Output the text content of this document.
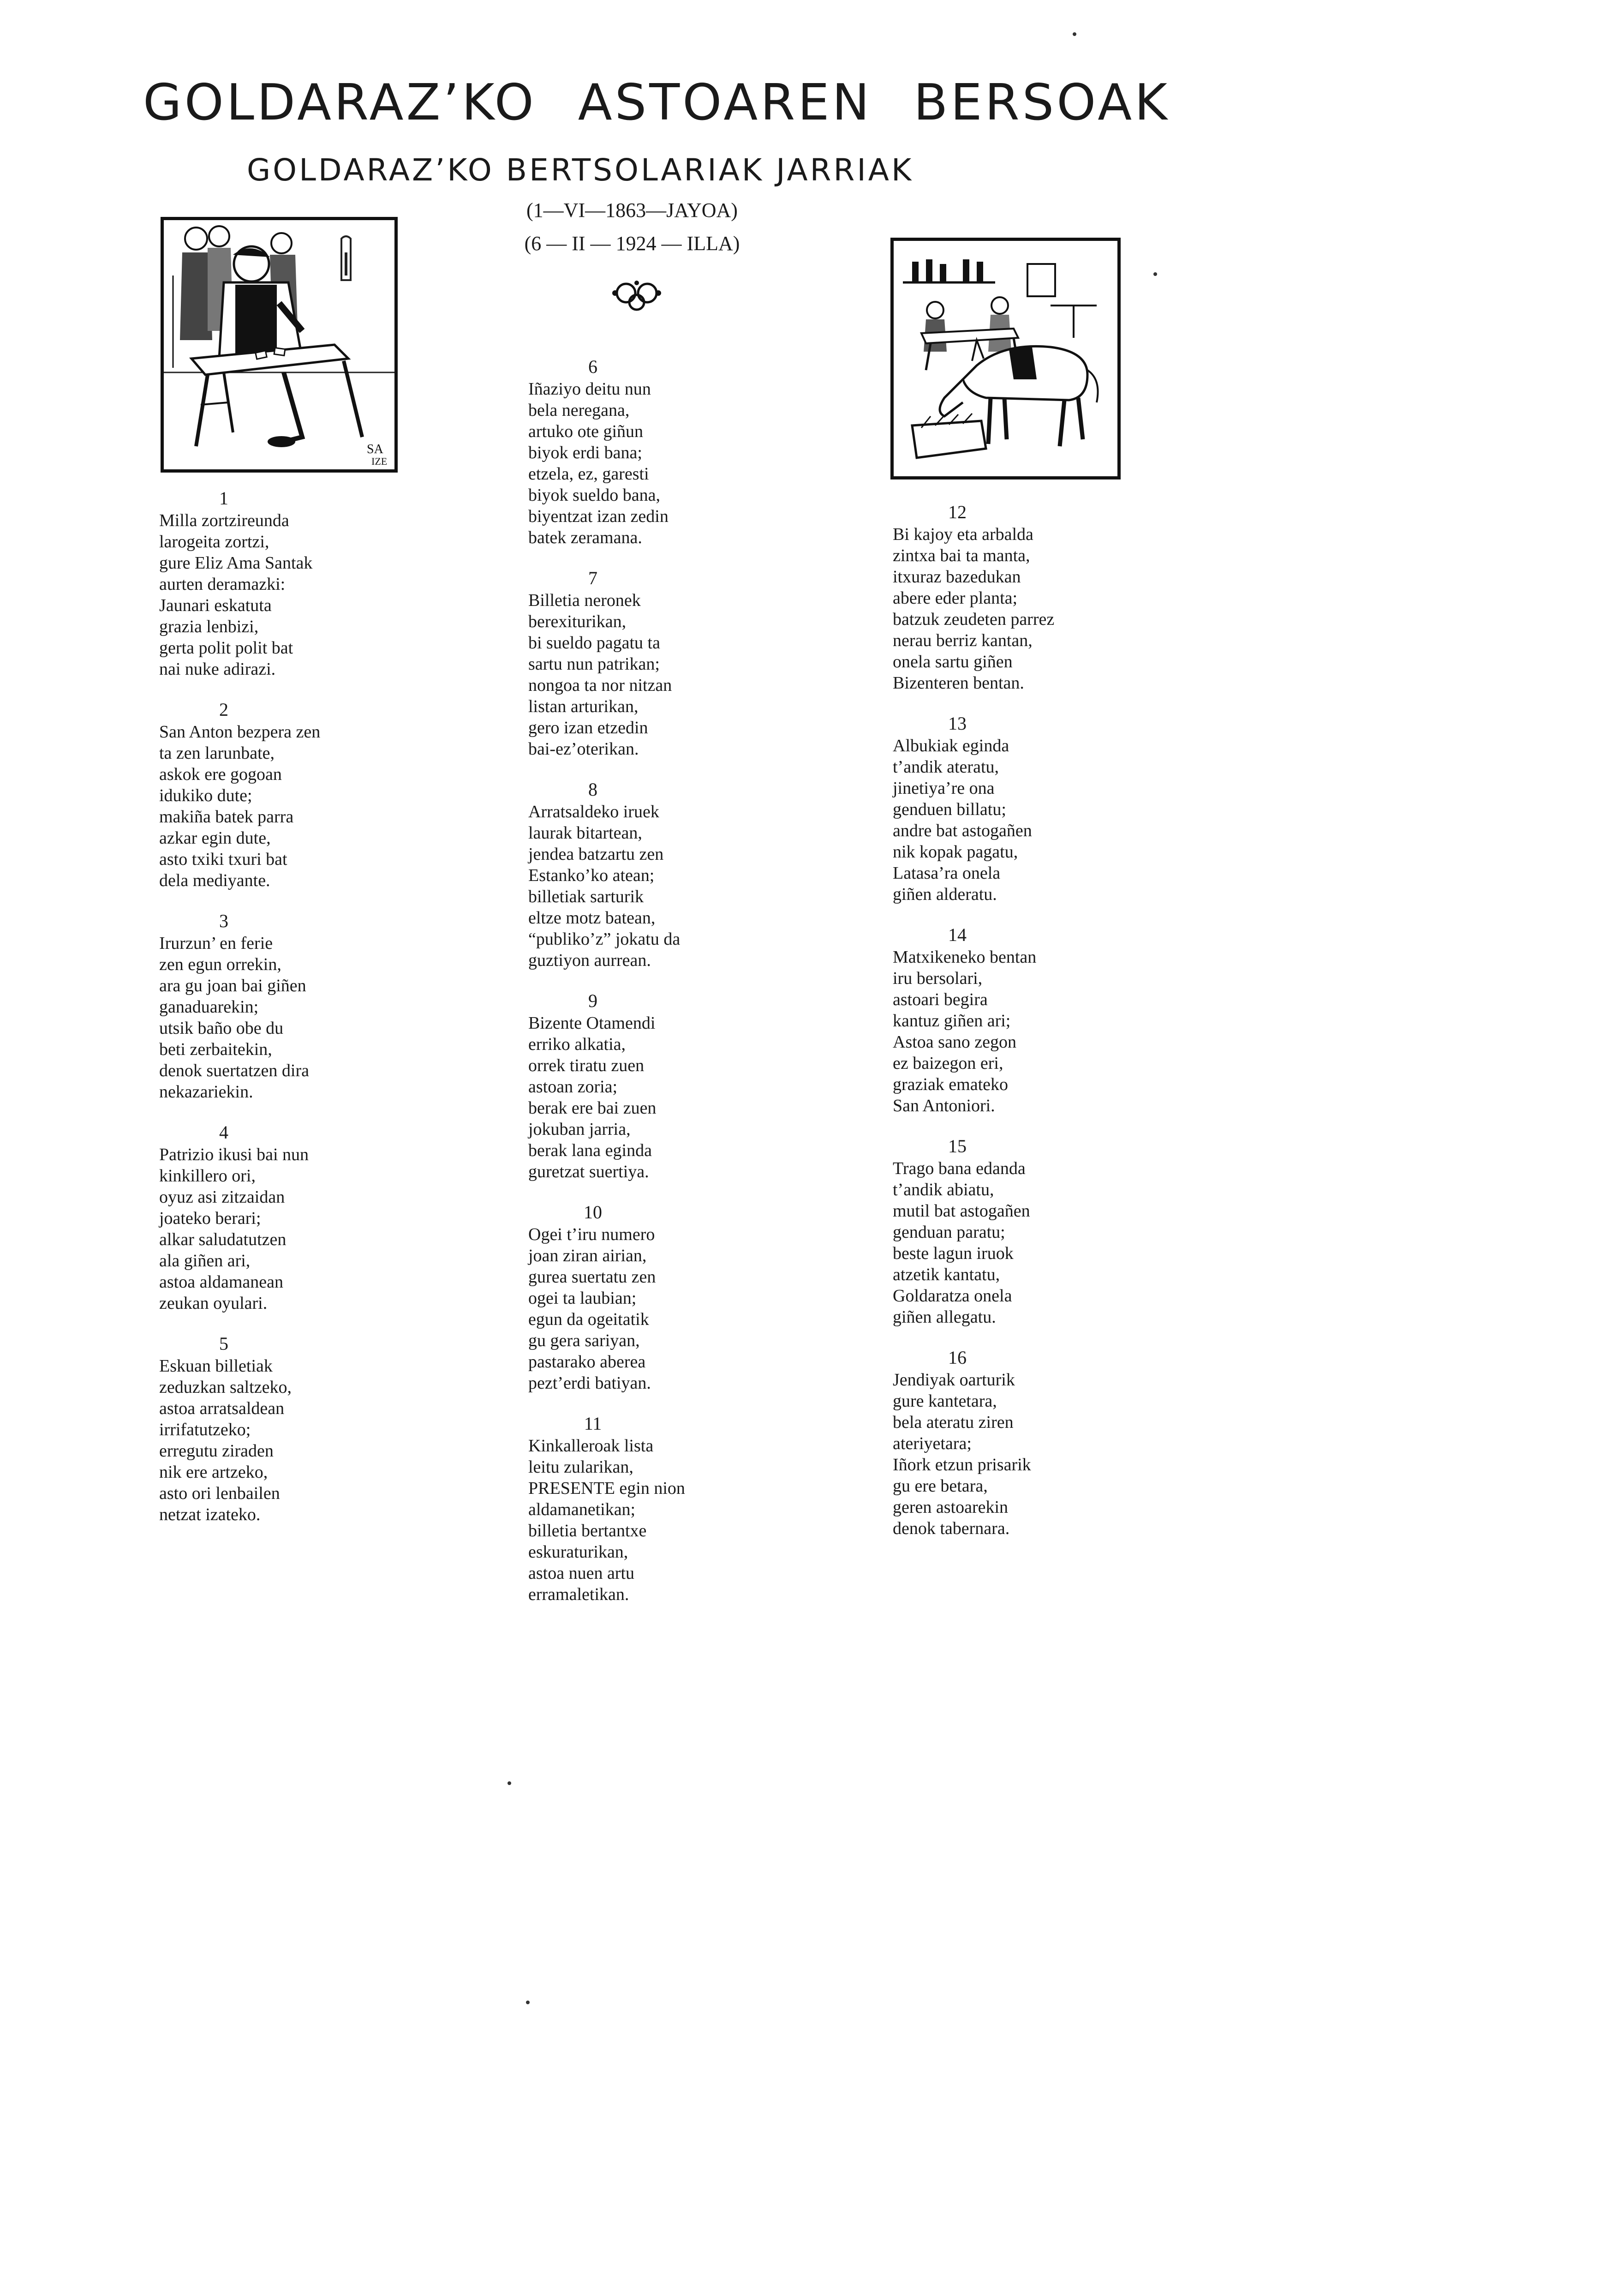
GOLDARAZ’KO ASTOAREN BERSOAK
GOLDARAZ’KO BERTSOLARIAK JARRIAK
(1—VI—1863—JAYOA)
(6 — II — 1924 — ILLA)
SA
IZE
1

Milla zortzireunda

larogeita zortzi,

gure Eliz Ama Santak

aurten deramazki:

Jaunari eskatuta

grazia lenbizi,

gerta polit polit bat

nai nuke adirazi.

2

San Anton bezpera zen

ta zen larunbate,

askok ere gogoan

idukiko dute;

makiña batek parra

azkar egin dute,

asto txiki txuri bat

dela mediyante.

3

Irurzun’ en ferie

zen egun orrekin,

ara gu joan bai giñen

ganaduarekin;

utsik baño obe du

beti zerbaitekin,

denok suertatzen dira

nekazariekin.

4

Patrizio ikusi bai nun

kinkillero ori,

oyuz asi zitzaidan

joateko berari;

alkar saludatutzen

ala giñen ari,

astoa aldamanean

zeukan oyulari.

5

Eskuan billetiak

zeduzkan saltzeko,

astoa arratsaldean

irrifatutzeko;

erregutu ziraden

nik ere artzeko,

asto ori lenbailen

netzat izateko.

6

Iñaziyo deitu nun

bela neregana,

artuko ote giñun

biyok erdi bana;

etzela, ez, garesti

biyok sueldo bana,

biyentzat izan zedin

batek zeramana.

7

Billetia neronek

berexiturikan,

bi sueldo pagatu ta

sartu nun patrikan;

nongoa ta nor nitzan

listan arturikan,

gero izan etzedin

bai-ez’oterikan.

8

Arratsaldeko iruek

laurak bitartean,

jendea batzartu zen

Estanko’ko atean;

billetiak sarturik

eltze motz batean,

“publiko’z” jokatu da

guztiyon aurrean.

9

Bizente Otamendi

erriko alkatia,

orrek tiratu zuen

astoan zoria;

berak ere bai zuen

jokuban jarria,

berak lana eginda

guretzat suertiya.

10

Ogei t’iru numero

joan ziran airian,

gurea suertatu zen

ogei ta laubian;

egun da ogeitatik

gu gera sariyan,

pastarako aberea

pezt’erdi batiyan.

11

Kinkalleroak lista

leitu zularikan,

PRESENTE egin nion

aldamanetikan;

billetia bertantxe

eskuraturikan,

astoa nuen artu

erramaletikan.

12

Bi kajoy eta arbalda

zintxa bai ta manta,

itxuraz bazedukan

abere eder planta;

batzuk zeudeten parrez

nerau berriz kantan,

onela sartu giñen

Bizenteren bentan.

13

Albukiak eginda

t’andik ateratu,

jinetiya’re ona

genduen billatu;

andre bat astogañen

nik kopak pagatu,

Latasa’ra onela

giñen alderatu.

14

Matxikeneko bentan

iru bersolari,

astoari begira

kantuz giñen ari;

Astoa sano zegon

ez baizegon eri,

graziak emateko

San Antoniori.

15

Trago bana edanda

t’andik abiatu,

mutil bat astogañen

genduan paratu;

beste lagun iruok

atzetik kantatu,

Goldaratza onela

giñen allegatu.

16

Jendiyak oarturik

gure kantetara,

bela ateratu ziren

ateriyetara;

Iñork etzun prisarik

gu ere betara,

geren astoarekin

denok tabernara.
